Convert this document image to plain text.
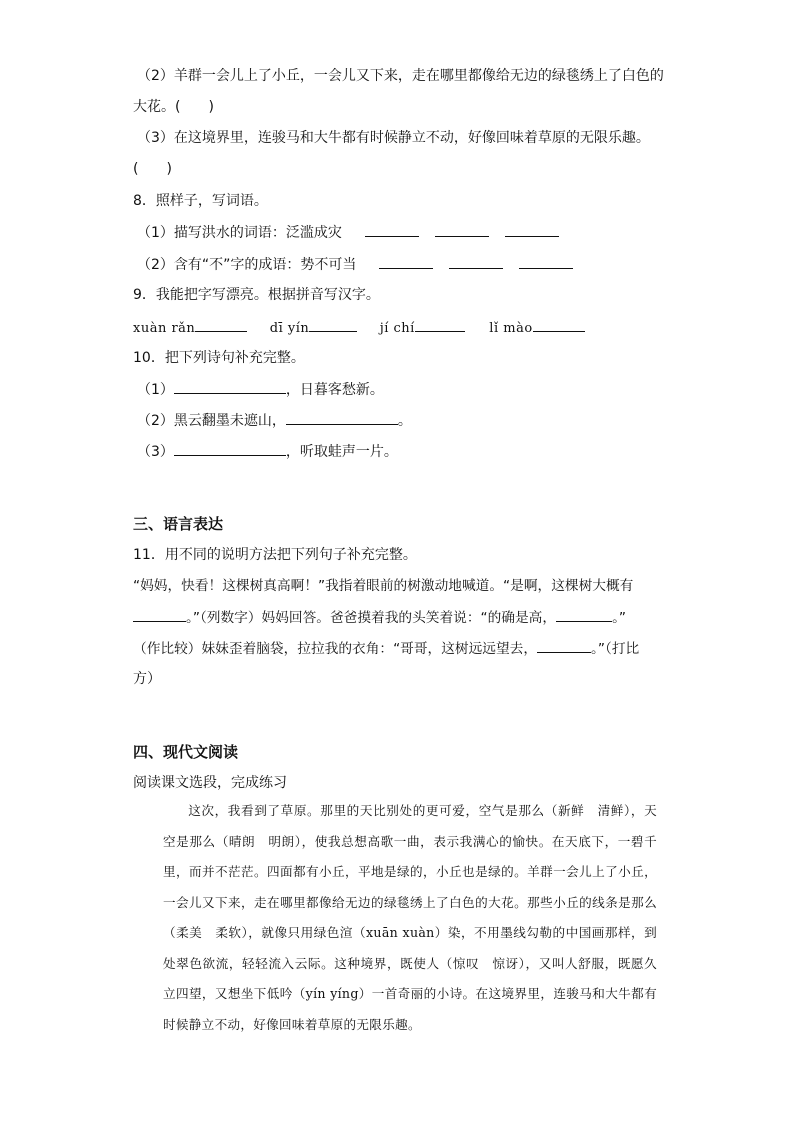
（2）羊群一会儿上了小丘，一会儿又下来，走在哪里都像给无边的绿毯绣上了白色的
大花。(　　)
（3）在这境界里，连骏马和大牛都有时候静立不动，好像回味着草原的无限乐趣。
(　　)
8．照样子，写词语。
（1）描写洪水的词语：泛滥成灾
（2）含有“不”字的成语：势不可当
9．我能把字写漂亮。根据拼音写汉字。
xuàn rǎn	dī yín	jí chí	lǐ mào
10．把下列诗句补充完整。
（1）	，日暮客愁新。
（2）黑云翻墨未遮山，	。
（3）	，听取蛙声一片。
三、语言表达
11．用不同的说明方法把下列句子补充完整。
“妈妈，快看！这棵树真高啊！”我指着眼前的树激动地喊道。“是啊，这棵树大概有
。”（列数字）妈妈回答。爸爸摸着我的头笑着说：“的确是高，	。”
（作比较）妹妹歪着脑袋，拉拉我的衣角：“哥哥，这树远远望去，	。”（打比
方）
四、现代文阅读
阅读课文选段，完成练习

这次，我看到了草原。那里的天比别处的更可爱，空气是那么（新鲜　清鲜），天空是那么（晴朗　明朗），使我总想高歌一曲，表示我满心的愉快。在天底下，一碧千里，而并不茫茫。四面都有小丘，平地是绿的，小丘也是绿的。羊群一会儿上了小丘，一会儿又下来，走在哪里都像给无边的绿毯绣上了白色的大花。那些小丘的线条是那么（柔美　柔软），就像只用绿色渲（xuān xuàn）染，不用墨线勾勒的中国画那样，到处翠色欲流，轻轻流入云际。这种境界，既使人（惊叹　惊讶），又叫人舒服，既愿久立四望，又想坐下低吟（yín yíng）一首奇丽的小诗。在这境界里，连骏马和大牛都有时候静立不动，好像回味着草原的无限乐趣。
